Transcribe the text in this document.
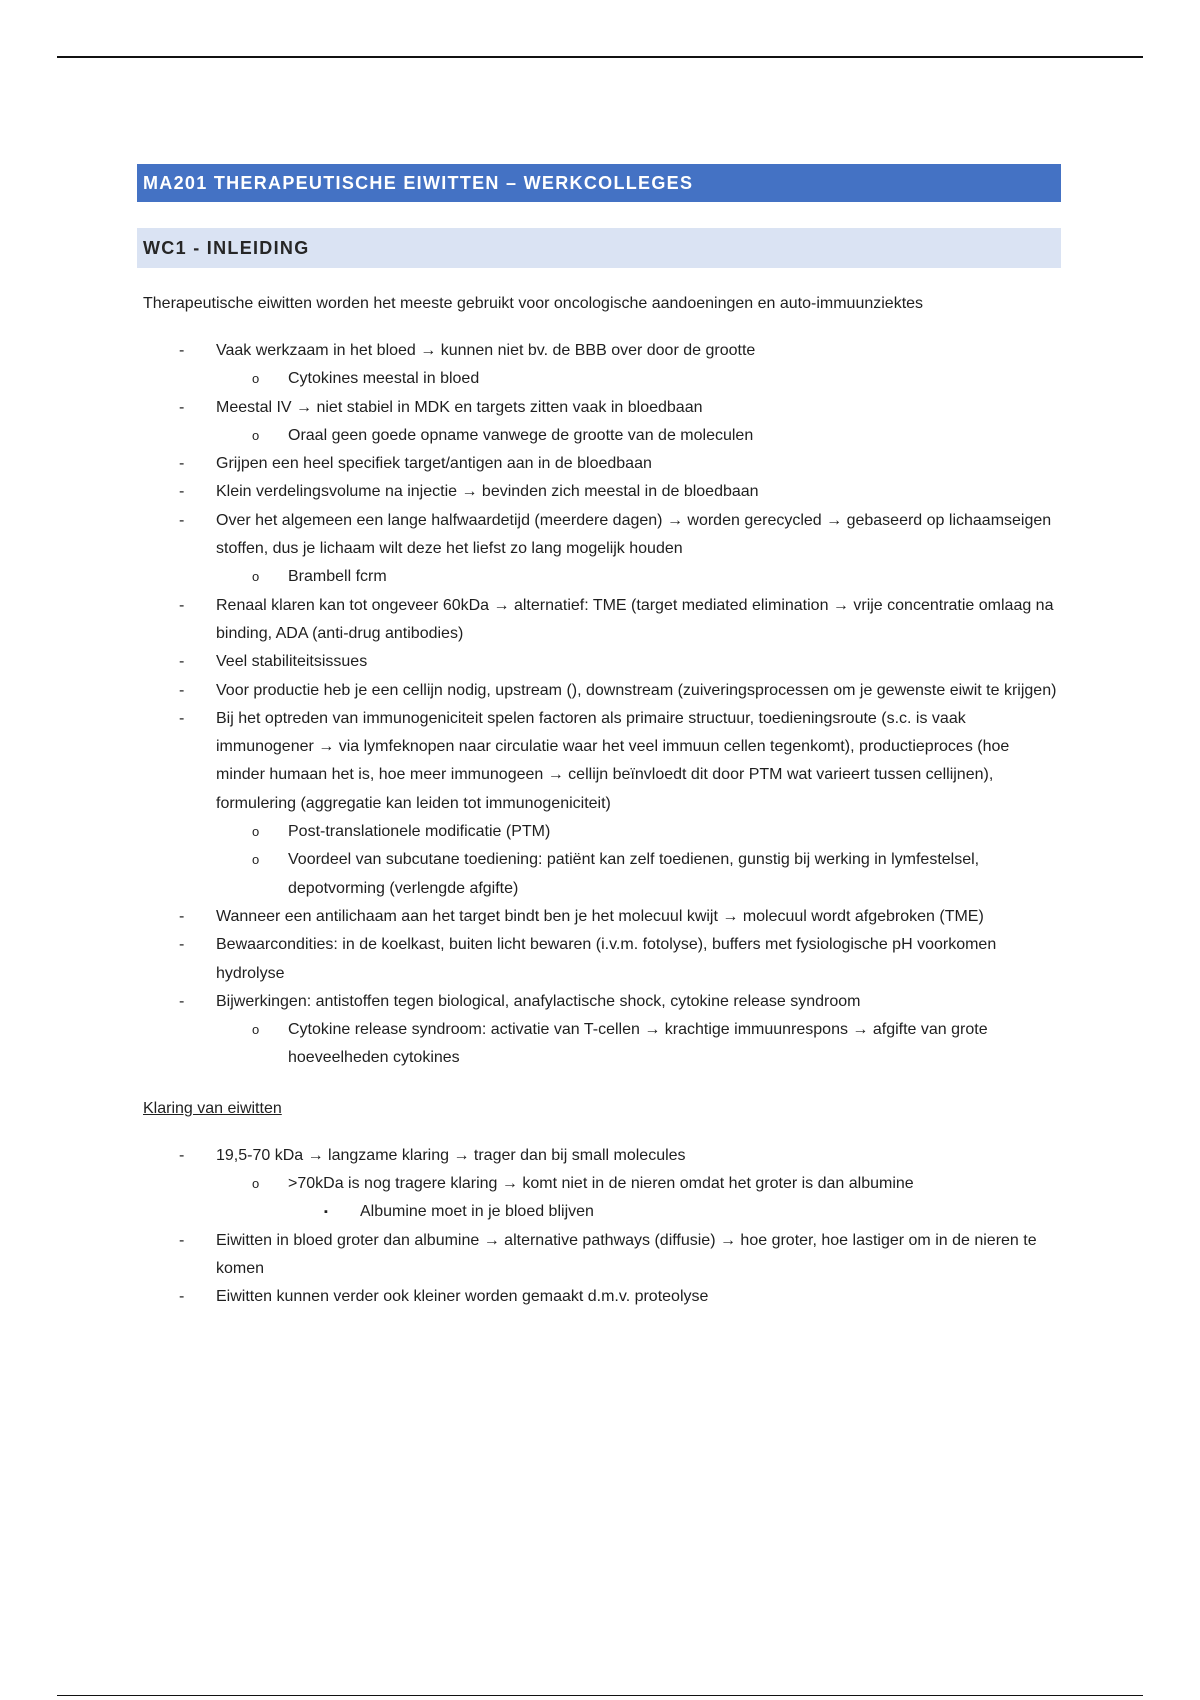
MA201 THERAPEUTISCHE EIWITTEN – WERKCOLLEGES
WC1 - INLEIDING

Therapeutische eiwitten worden het meeste gebruikt voor oncologische aandoeningen en auto-immuunziektes

- Vaak werkzaam in het bloed → kunnen niet bv. de BBB over door de grootte
o Cytokines meestal in bloed
- Meestal IV → niet stabiel in MDK en targets zitten vaak in bloedbaan
o Oraal geen goede opname vanwege de grootte van de moleculen
- Grijpen een heel specifiek target/antigen aan in de bloedbaan
- Klein verdelingsvolume na injectie → bevinden zich meestal in de bloedbaan
- Over het algemeen een lange halfwaardetijd (meerdere dagen) → worden gerecycled → gebaseerd op lichaamseigen stoffen, dus je lichaam wilt deze het liefst zo lang mogelijk houden
o Brambell fcrm
- Renaal klaren kan tot ongeveer 60kDa → alternatief: TME (target mediated elimination → vrije concentratie omlaag na binding, ADA (anti-drug antibodies)
- Veel stabiliteitsissues
- Voor productie heb je een cellijn nodig, upstream (), downstream (zuiveringsprocessen om je gewenste eiwit te krijgen)
- Bij het optreden van immunogeniciteit spelen factoren als primaire structuur, toedieningsroute (s.c. is vaak immunogener → via lymfeknopen naar circulatie waar het veel immuun cellen tegenkomt), productieproces (hoe minder humaan het is, hoe meer immunogeen → cellijn beïnvloedt dit door PTM wat varieert tussen cellijnen), formulering (aggregatie kan leiden tot immunogeniciteit)
o Post-translationele modificatie (PTM)
o Voordeel van subcutane toediening: patiënt kan zelf toedienen, gunstig bij werking in lymfestelsel, depotvorming (verlengde afgifte)
- Wanneer een antilichaam aan het target bindt ben je het molecuul kwijt → molecuul wordt afgebroken (TME)
- Bewaarcondities: in de koelkast, buiten licht bewaren (i.v.m. fotolyse), buffers met fysiologische pH voorkomen hydrolyse
- Bijwerkingen: antistoffen tegen biological, anafylactische shock, cytokine release syndroom
o Cytokine release syndroom: activatie van T-cellen → krachtige immuunrespons → afgifte van grote hoeveelheden cytokines
Klaring van eiwitten
- 19,5-70 kDa → langzame klaring → trager dan bij small molecules
o >70kDa is nog tragere klaring → komt niet in de nieren omdat het groter is dan albumine
▪ Albumine moet in je bloed blijven
- Eiwitten in bloed groter dan albumine → alternative pathways (diffusie) → hoe groter, hoe lastiger om in de nieren te komen
- Eiwitten kunnen verder ook kleiner worden gemaakt d.m.v. proteolyse
